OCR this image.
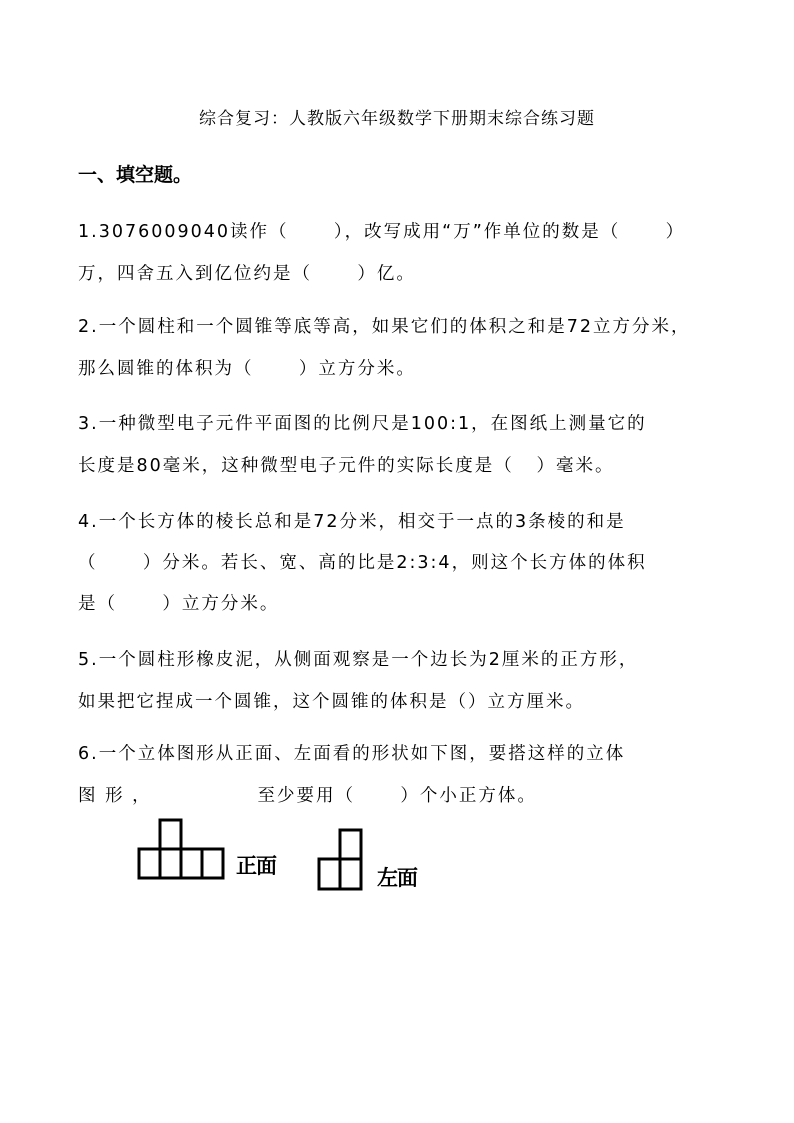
综合复习：人教版六年级数学下册期末综合练习题
一、填空题。
1.3076009040读作（      ），改写成用“万”作单位的数是（      ）
万，四舍五入到亿位约是（      ）亿。
2.一个圆柱和一个圆锥等底等高，如果它们的体积之和是72立方分米，
那么圆锥的体积为（      ）立方分米。
3.一种微型电子元件平面图的比例尺是100:1，在图纸上测量它的
长度是80毫米，这种微型电子元件的实际长度是（   ）毫米。
4.一个长方体的棱长总和是72分米，相交于一点的3条棱的和是
（      ）分米。若长、宽、高的比是2:3:4，则这个长方体的体积
是（      ）立方分米。
5.一个圆柱形橡皮泥，从侧面观察是一个边长为2厘米的正方形，
如果把它捏成一个圆锥，这个圆锥的体积是（）立方厘米。
6.一个立体图形从正面、左面看的形状如下图，要搭这样的立体
图 形 ，              至少要用（      ）个小正方体。
正面	左面
